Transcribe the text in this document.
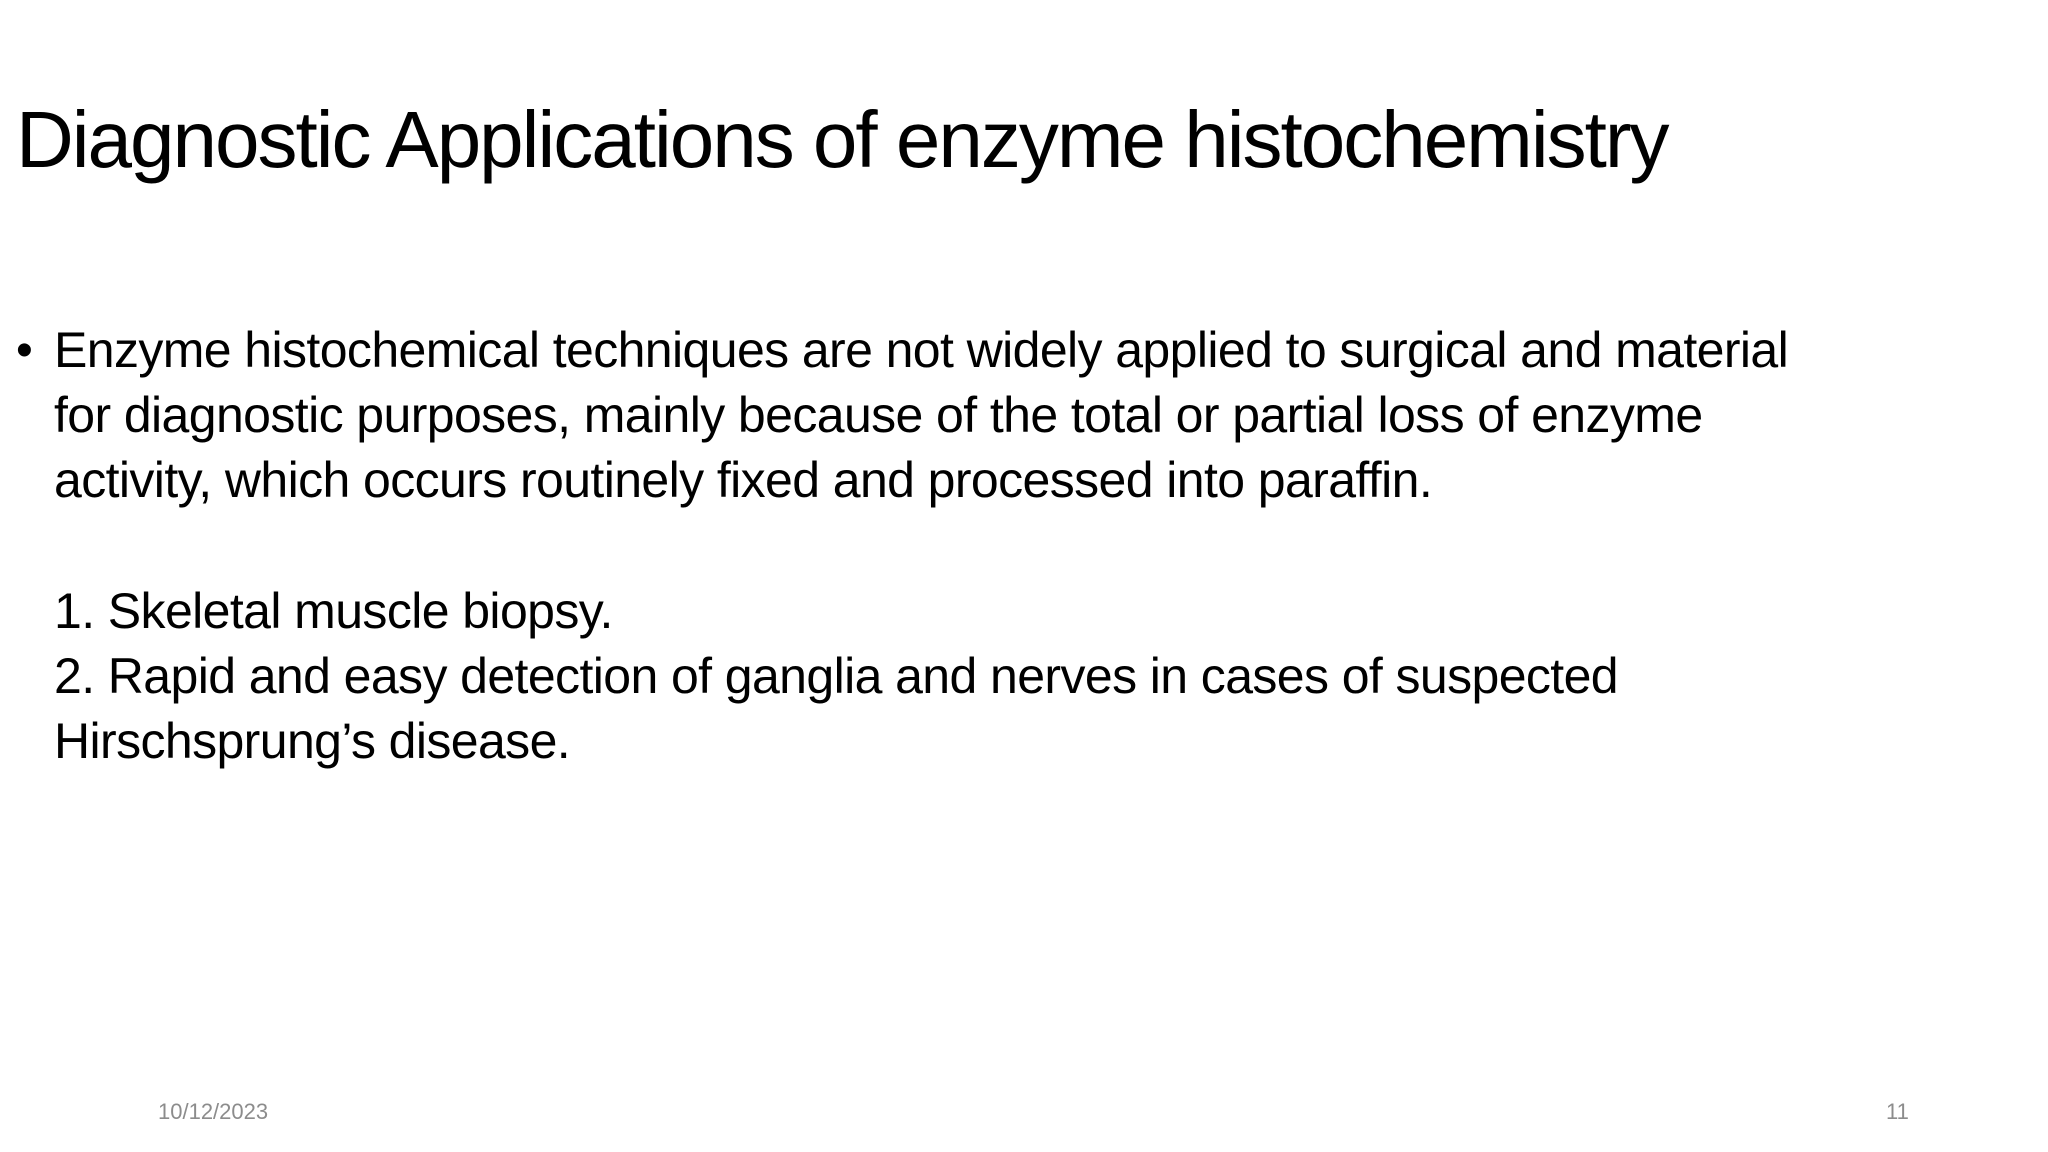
Diagnostic Applications of enzyme histochemistry
• Enzyme histochemical techniques are not widely applied to surgical and material
for diagnostic purposes, mainly because of the total or partial loss of enzyme
activity, which occurs routinely fixed and processed into paraffin.
1. Skeletal muscle biopsy.
2. Rapid and easy detection of ganglia and nerves in cases of suspected
Hirschsprung’s disease.
10/12/2023	11
